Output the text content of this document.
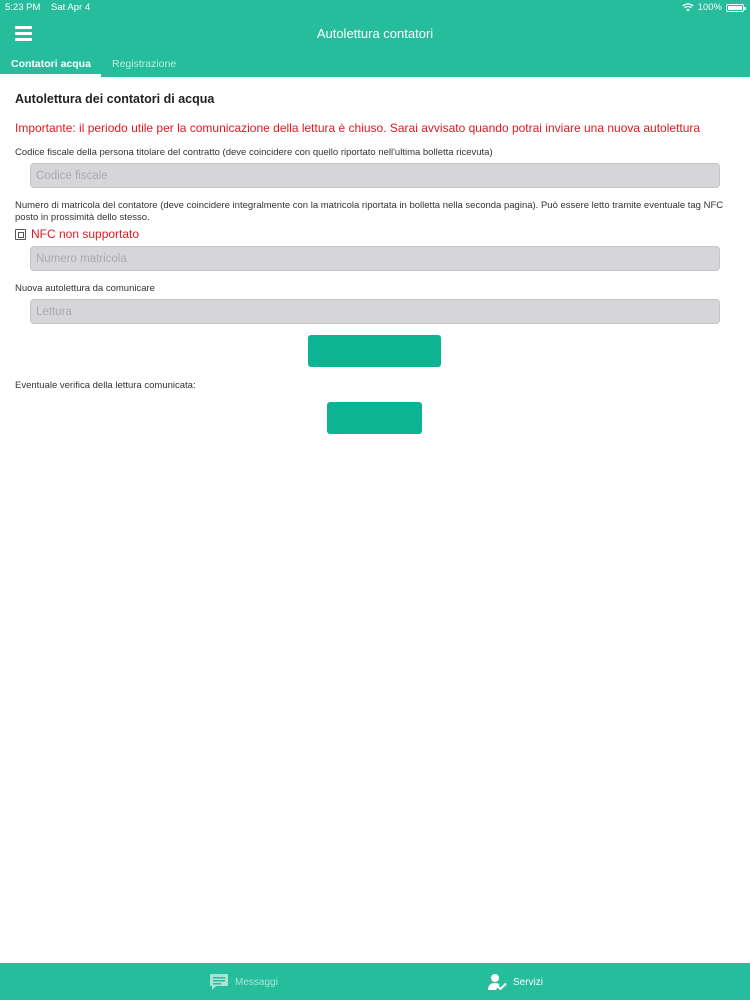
5:23 PM Sat Apr 4	100%
Autolettura contatori
Contatori acqua Registrazione
Autolettura dei contatori di acqua
Importante: il periodo utile per la comunicazione della lettura è chiuso. Sarai avvisato quando potrai inviare una nuova autolettura
Codice fiscale della persona titolare del contratto (deve coincidere con quello riportato nell'ultima bolletta ricevuta)
Codice fiscale
Numero di matricola del contatore (deve coincidere integralmente con la matricola riportata in bolletta nella seconda pagina). Può essere letto tramite eventuale tag NFC posto in prossimità dello stesso.
NFC non supportato
Numero matricola
Nuova autolettura da comunicare
Lettura
Eventuale verifica della lettura comunicata:
Messaggi	Servizi
